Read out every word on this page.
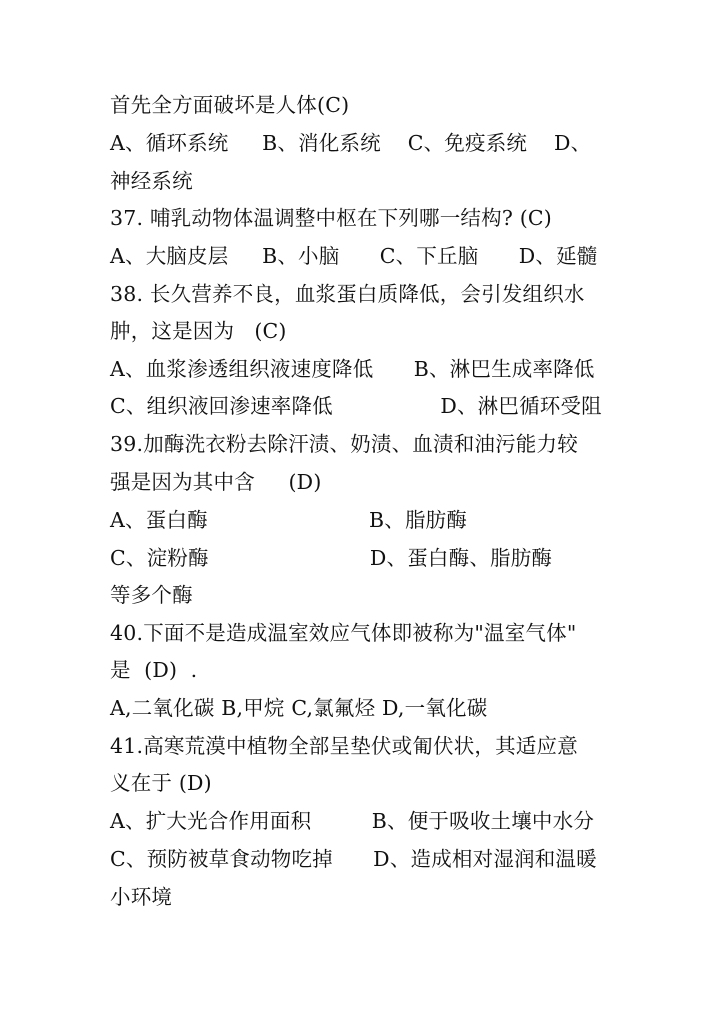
首先全方面破坏是人体(C)
A、循环系统     B、消化系统    C、免疫系统    D、
神经系统
37. 哺乳动物体温调整中枢在下列哪一结构? (C)
A、大脑皮层     B、小脑      C、下丘脑      D、延髓
38. 长久营养不良，血浆蛋白质降低，会引发组织水
肿，这是因为   (C)
A、血浆渗透组织液速度降低      B、淋巴生成率降低
C、组织液回渗速率降低                D、淋巴循环受阻
39.加酶洗衣粉去除汗渍、奶渍、血渍和油污能力较
强是因为其中含     (D)
A、蛋白酶                        B、脂肪酶
C、淀粉酶                        D、蛋白酶、脂肪酶
等多个酶
40.下面不是造成温室效应气体即被称为"温室气体"
是  (D)  .
A,二氧化碳 B,甲烷 C,氯氟烃 D,一氧化碳
41.高寒荒漠中植物全部呈垫伏或匍伏状，其适应意
义在于 (D)
A、扩大光合作用面积         B、便于吸收土壤中水分
C、预防被草食动物吃掉      D、造成相对湿润和温暖
小环境
